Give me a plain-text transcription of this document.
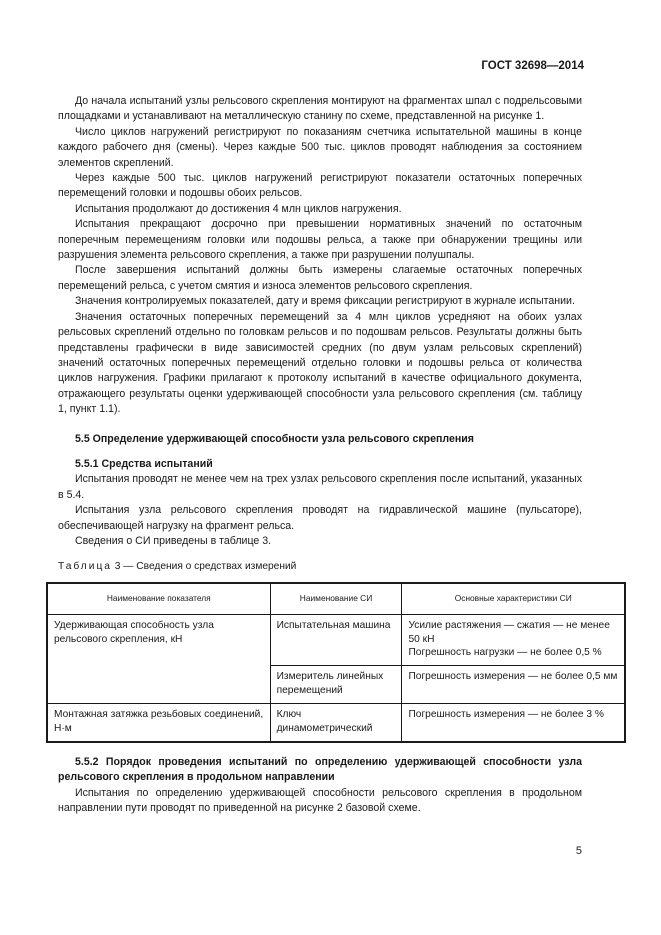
ГОСТ 32698—2014

До начала испытаний узлы рельсового скрепления монтируют на фрагментах шпал с подрельсовыми площадками и устанавливают на металлическую станину по схеме, представленной на рисунке 1.

Число циклов нагружений регистрируют по показаниям счетчика испытательной машины в конце каждого рабочего дня (смены). Через каждые 500 тыс. циклов проводят наблюдения за состоянием элементов скреплений.

Через каждые 500 тыс. циклов нагружений регистрируют показатели остаточных поперечных перемещений головки и подошвы обоих рельсов.

Испытания продолжают до достижения 4 млн циклов нагружения.

Испытания прекращают досрочно при превышении нормативных значений по остаточным поперечным перемещениям головки или подошвы рельса, а также при обнаружении трещины или разрушения элемента рельсового скрепления, а также при разрушении полушпалы.

После завершения испытаний должны быть измерены слагаемые остаточных поперечных перемещений рельса, с учетом смятия и износа элементов рельсового скрепления.

Значения контролируемых показателей, дату и время фиксации регистрируют в журнале испытании.

Значения остаточных поперечных перемещений за 4 млн циклов усредняют на обоих узлах рельсовых скреплений отдельно по головкам рельсов и по подошвам рельсов. Результаты должны быть представлены графически в виде зависимостей средних (по двум узлам рельсовых скреплений) значений остаточных поперечных перемещений отдельно головки и подошвы рельса от количества циклов нагружения. Графики прилагают к протоколу испытаний в качестве официального документа, отражающего результаты оценки удерживающей способности узла рельсового скрепления (см. таблицу 1, пункт 1.1).

5.5 Определение удерживающей способности узла рельсового скрепления

5.5.1 Средства испытаний

Испытания проводят не менее чем на трех узлах рельсового скрепления после испытаний, указанных в 5.4.

Испытания узла рельсового скрепления проводят на гидравлической машине (пульсаторе), обеспечивающей нагрузку на фрагмент рельса.

Сведения о СИ приведены в таблице 3.

Таблица 3 — Сведения о средствах измерений

Наименование показателя	Наименование СИ	Основные характеристики СИ
Удерживающая способность узла рельсового скрепления, кН	Испытательная машина	Усилие растяжения — сжатия — не менее 50 кН
Погрешность нагрузки — не более 0,5 %

	Измеритель линейных перемещений	Погрешность измерения — не более 0,5 мм
Монтажная затяжка резьбовых соединений, Н·м	Ключ динамометрический	Погрешность измерения — не более 3 %

5.5.2 Порядок проведения испытаний по определению удерживающей способности узла рельсового скрепления в продольном направлении

Испытания по определению удерживающей способности рельсового скрепления в продольном направлении пути проводят по приведенной на рисунке 2 базовой схеме.

5
